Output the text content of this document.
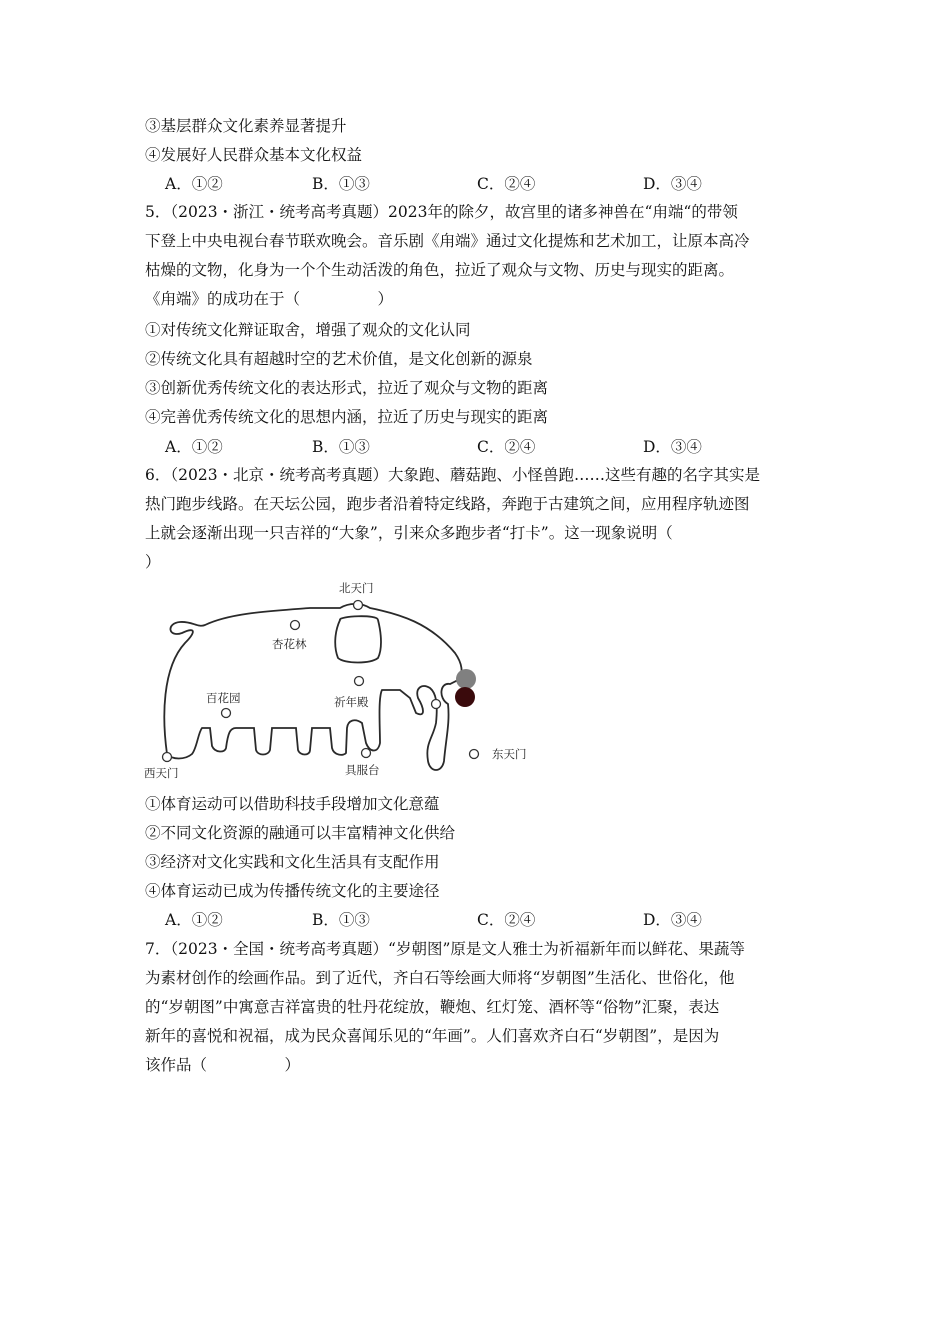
③基层群众文化素养显著提升
④发展好人民群众基本文化权益
A．①②	B．①③	C．②④	D．③④
5．（2023・浙江・统考高考真题）2023年的除夕，故宫里的诸多神兽在“甪端“的带领
下登上中央电视台春节联欢晚会。音乐剧《甪端》通过文化提炼和艺术加工，让原本高冷
枯燥的文物，化身为一个个生动活泼的角色，拉近了观众与文物、历史与现实的距离。
《甪端》的成功在于（　　　　　）
①对传统文化辩证取舍，增强了观众的文化认同
②传统文化具有超越时空的艺术价值，是文化创新的源泉
③创新优秀传统文化的表达形式，拉近了观众与文物的距离
④完善优秀传统文化的思想内涵，拉近了历史与现实的距离
A．①②	B．①③	C．②④	D．③④
6．（2023・北京・统考高考真题）大象跑、蘑菇跑、小怪兽跑……这些有趣的名字其实是
热门跑步线路。在天坛公园，跑步者沿着特定线路，奔跑于古建筑之间，应用程序轨迹图
上就会逐渐出现一只吉祥的“大象”，引来众多跑步者“打卡”。这一现象说明（
）
北天门
杏花林
百花园	祈年殿
东天门
西天门	具服台
①体育运动可以借助科技手段增加文化意蕴
②不同文化资源的融通可以丰富精神文化供给
③经济对文化实践和文化生活具有支配作用
④体育运动已成为传播传统文化的主要途径
A．①②	B．①③	C．②④	D．③④
7．（2023・全国・统考高考真题）“岁朝图”原是文人雅士为祈福新年而以鲜花、果蔬等
为素材创作的绘画作品。到了近代，齐白石等绘画大师将“岁朝图”生活化、世俗化，他
的“岁朝图”中寓意吉祥富贵的牡丹花绽放，鞭炮、红灯笼、酒杯等“俗物”汇聚，表达
新年的喜悦和祝福，成为民众喜闻乐见的“年画”。人们喜欢齐白石“岁朝图”，是因为
该作品（　　　　　）
